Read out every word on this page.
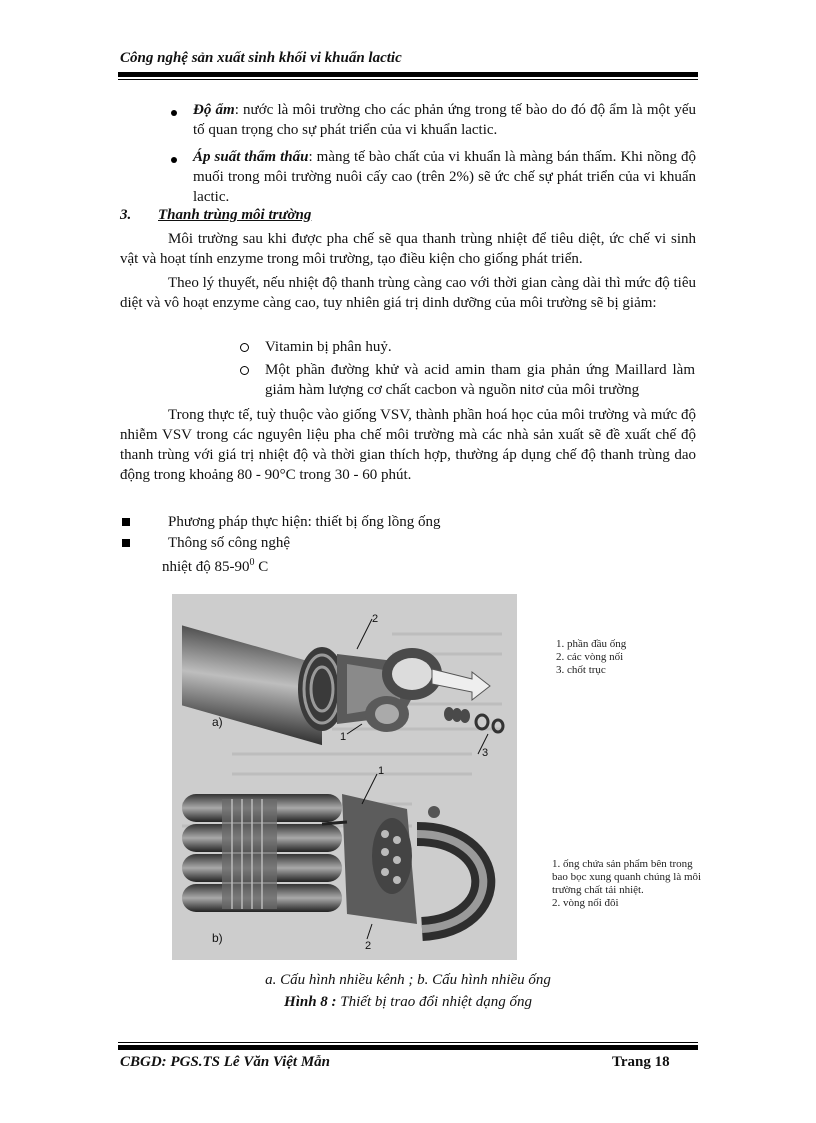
Công nghệ sản xuất sinh khối vi khuẩn lactic
Độ ẩm: nước là môi trường cho các phản ứng trong tế bào do đó độ ẩm là một yếu tố quan trọng cho sự phát triển của vi khuẩn lactic.
Áp suất thẩm thấu: màng tế bào chất của vi khuẩn là màng bán thấm. Khi nồng độ muối trong môi trường nuôi cấy cao (trên 2%) sẽ ức chế sự phát triển của vi khuẩn lactic.
3. Thanh trùng môi trường
Môi trường sau khi được pha chế sẽ qua thanh trùng nhiệt để tiêu diệt, ức chế vi sinh vật và hoạt tính enzyme trong môi trường, tạo điều kiện cho giống phát triển.
Theo lý thuyết, nếu nhiệt độ thanh trùng càng cao với thời gian càng dài thì mức độ tiêu diệt và vô hoạt enzyme càng cao, tuy nhiên giá trị dinh dưỡng của môi trường sẽ bị giảm:
Vitamin bị phân huỷ.
Một phần đường khử và acid amin tham gia phản ứng Maillard làm giảm hàm lượng cơ chất cacbon và nguồn nitơ của môi trường
Trong thực tế, tuỳ thuộc vào giống VSV, thành phần hoá học của môi trường và mức độ nhiễm VSV trong các nguyên liệu pha chế môi trường mà các nhà sản xuất sẽ đề xuất chế độ thanh trùng với giá trị nhiệt độ và thời gian thích hợp, thường áp dụng chế độ thanh trùng dao động trong khoảng 80 - 90°C trong 30 - 60 phút.
Phương pháp thực hiện: thiết bị ống lồng ống
Thông số công nghệ
nhiệt độ $85-90^0$ C
2
1
3
a)
1
2
b)
1. phần đầu ống
2. các vòng nối
3. chốt trục
1. ống chứa sản phẩm bên trong
bao bọc xung quanh chúng là môi
trường chất tải nhiệt.
2. vòng nối đôi
a. Cấu hình nhiều kênh ; b. Cấu hình nhiều ống
Hình 8 : Thiết bị trao đổi nhiệt dạng ống
CBGD: PGS.TS Lê Văn Việt Mẫn	Trang 18
